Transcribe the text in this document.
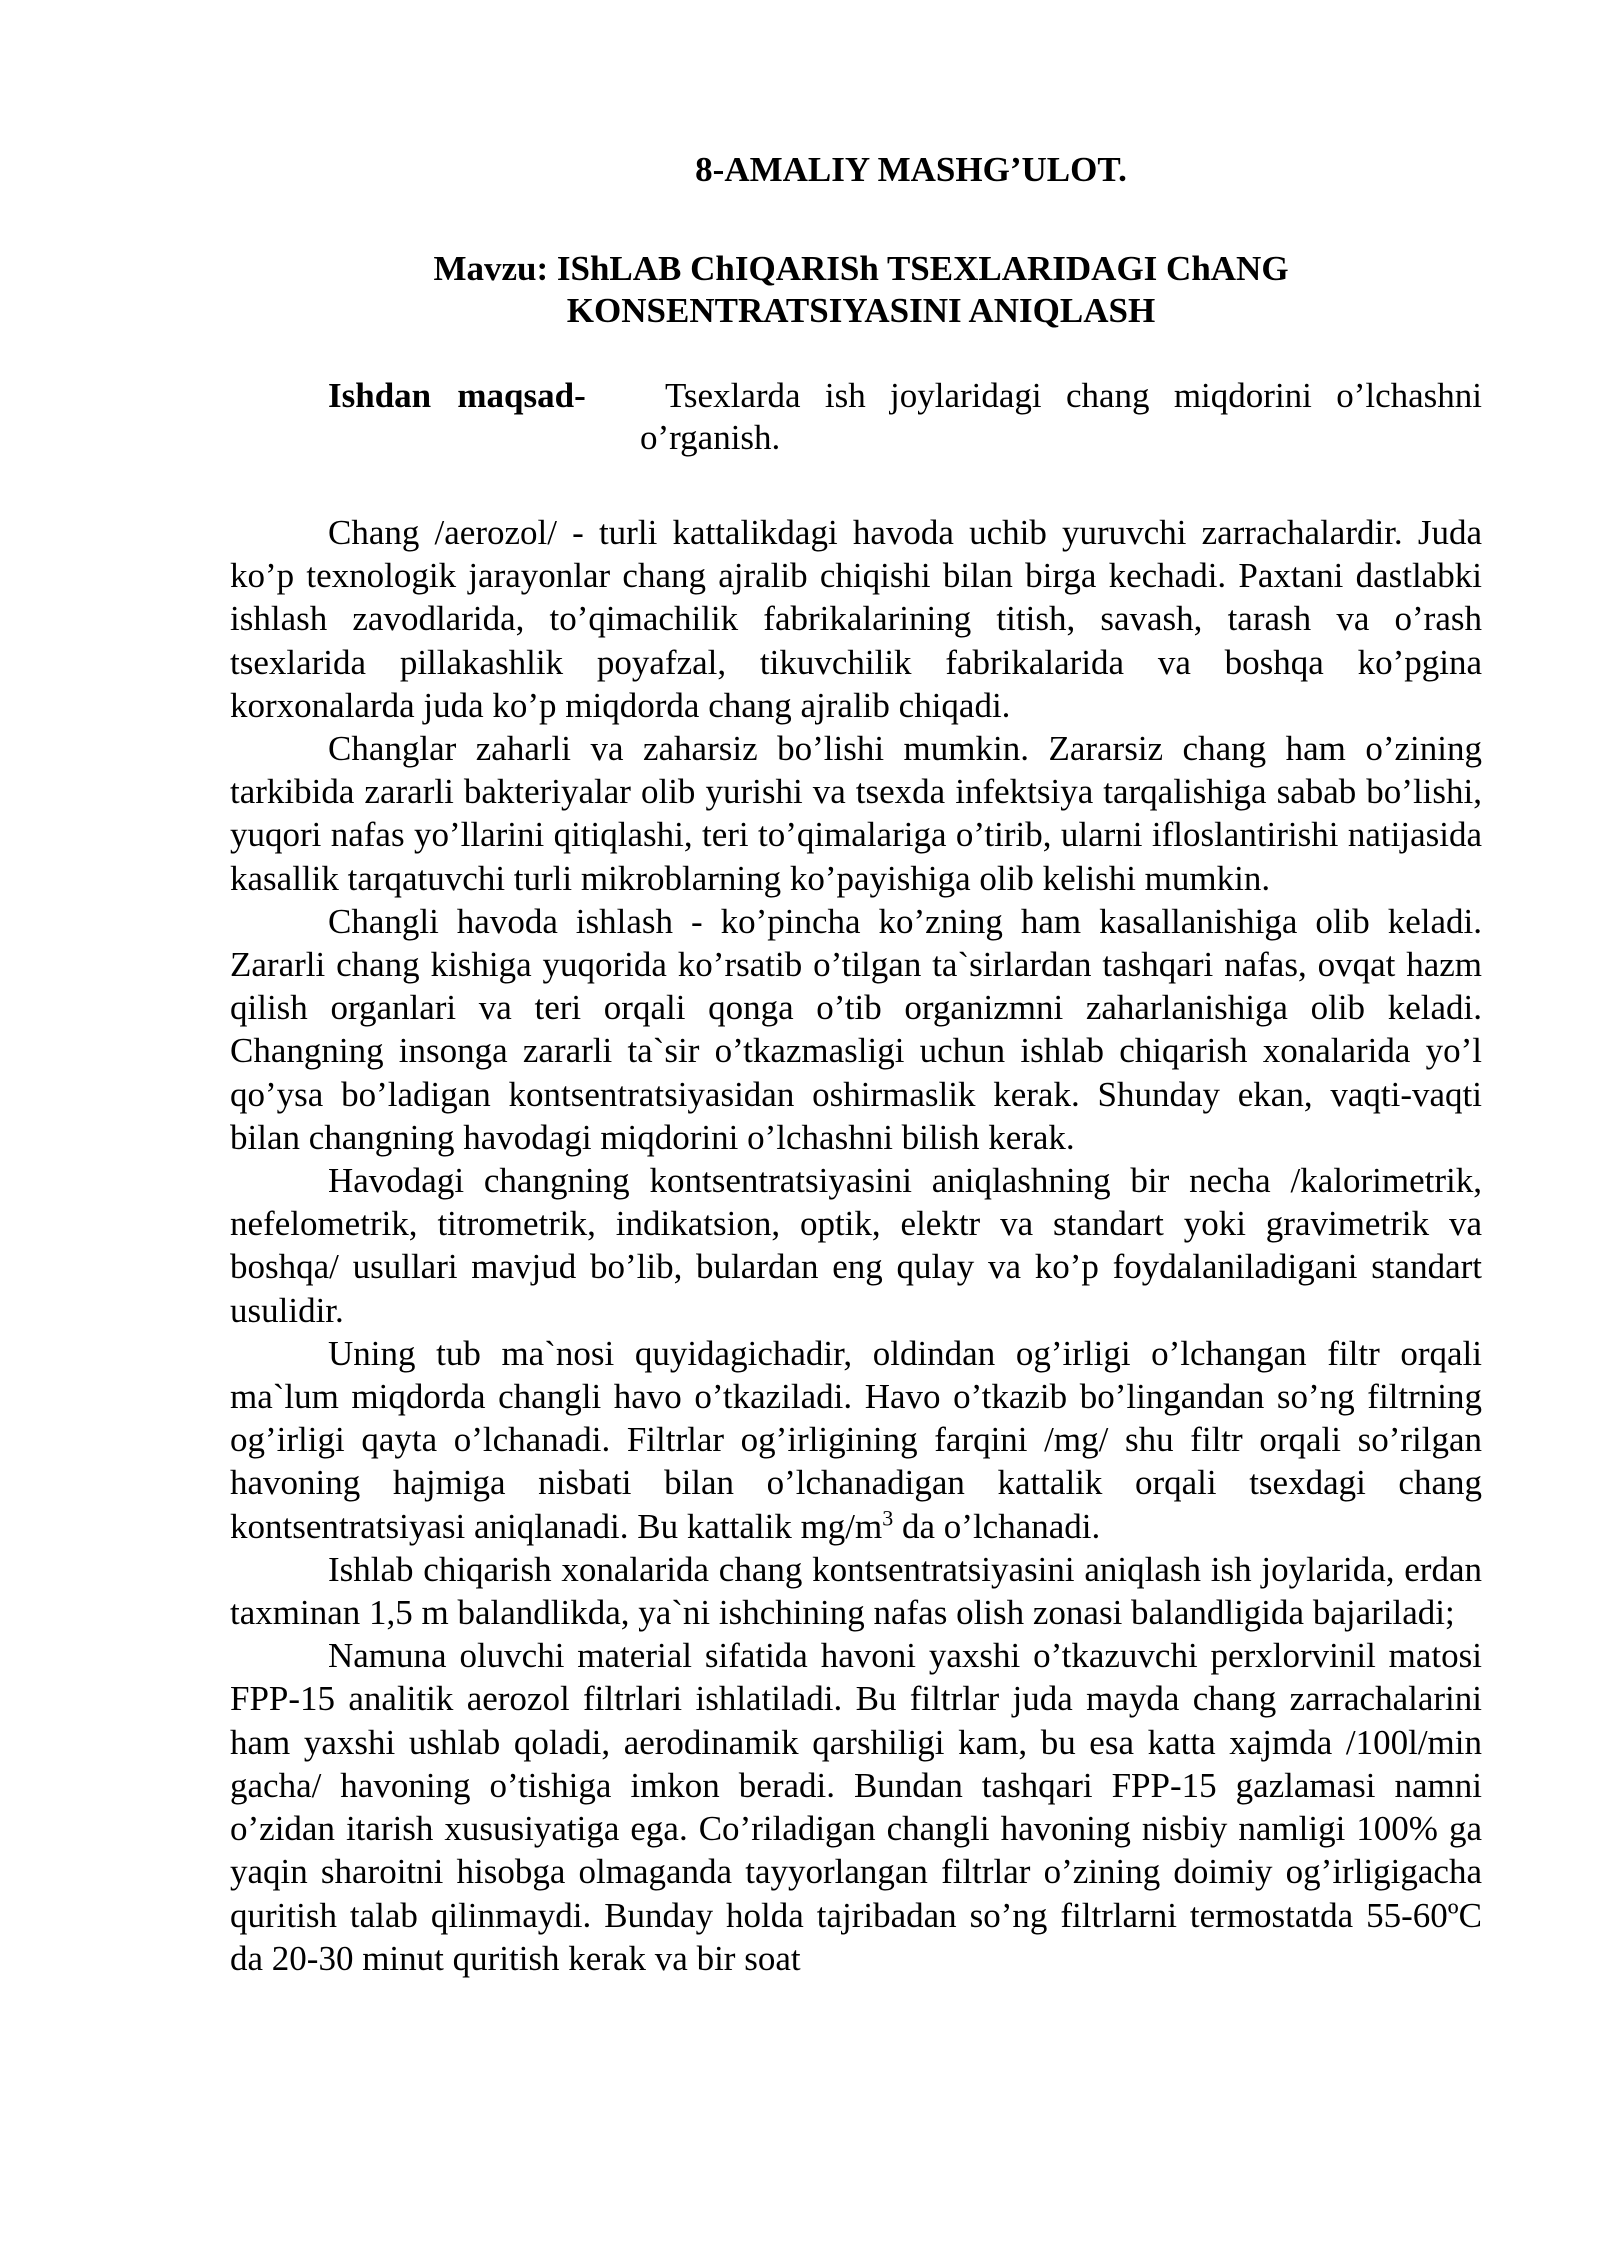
8-AMALIY MASHG’ULOT.
Mavzu: IShLAB ChIQARISh TSEXLARIDAGI ChANG
KONSENTRATSIYASINI ANIQLASH
Ishdan   maqsad-	Tsexlarda ish joylaridagi chang miqdorini o’lchashni o’rganish.

Chang /aerozol/ - turli kattalikdagi havoda uchib yuruvchi zarrachalardir. Juda ko’p texnologik jarayonlar chang ajralib chiqishi bilan birga kechadi. Paxtani dastlabki ishlash zavodlarida, to’qimachilik fabrikalarining titish, savash, tarash va o’rash tsexlarida pillakashlik poyafzal, tikuvchilik fabrikalarida va boshqa ko’pgina korxonalarda juda ko’p miqdorda chang ajralib chiqadi.

Changlar zaharli va zaharsiz bo’lishi mumkin. Zararsiz chang ham o’zining tarkibida zararli bakteriyalar olib yurishi va tsexda infektsiya tarqalishiga sabab bo’lishi, yuqori nafas yo’llarini qitiqlashi, teri to’qimalariga o’tirib, ularni ifloslantirishi natijasida kasallik tarqatuvchi turli mikroblarning ko’payishiga olib kelishi mumkin.

Changli havoda ishlash - ko’pincha ko’zning ham kasallanishiga olib keladi. Zararli chang kishiga yuqorida ko’rsatib o’tilgan ta`sirlardan tashqari nafas, ovqat hazm qilish organlari va teri orqali qonga o’tib organizmni zaharlanishiga olib keladi. Changning insonga zararli ta`sir o’tkazmasligi uchun ishlab chiqarish xonalarida yo’l qo’ysa bo’ladigan kontsentratsiyasidan oshirmaslik kerak. Shunday ekan, vaqti-vaqti bilan changning havodagi miqdorini o’lchashni bilish kerak.

Havodagi changning kontsentratsiyasini aniqlashning bir necha /kalorimetrik, nefelometrik, titrometrik, indikatsion, optik, elektr va standart yoki gravimetrik va boshqa/ usullari mavjud bo’lib, bulardan eng qulay va ko’p foydalaniladigani standart usulidir.

Uning tub ma`nosi quyidagichadir, oldindan og’irligi o’lchangan filtr orqali ma`lum miqdorda changli havo o’tkaziladi. Havo o’tkazib bo’lingandan so’ng filtrning og’irligi qayta o’lchanadi. Filtrlar og’irligining farqini /mg/ shu filtr orqali so’rilgan havoning hajmiga nisbati bilan o’lchanadigan kattalik orqali tsexdagi chang kontsentratsiyasi aniqlanadi. Bu kattalik $mg/m^3$ da o’lchanadi.

Ishlab chiqarish xonalarida chang kontsentratsiyasini aniqlash ish joylarida, erdan taxminan 1,5 m balandlikda, ya`ni ishchining nafas olish zonasi balandligida bajariladi;

Namuna oluvchi material sifatida havoni yaxshi o’tkazuvchi perxlorvinil matosi FPP-15 analitik aerozol filtrlari ishlatiladi. Bu filtrlar juda mayda chang zarrachalarini ham yaxshi ushlab qoladi, aerodinamik qarshiligi kam, bu esa katta xajmda /100l/min gacha/ havoning o’tishiga imkon beradi. Bundan tashqari FPP-15 gazlamasi namni o’zidan itarish xususiyatiga ega. Co’riladigan changli havoning nisbiy namligi 100% ga yaqin sharoitni hisobga olmaganda tayyorlangan filtrlar o’zining doimiy og’irligigacha quritish talab qilinmaydi. Bunday holda tajribadan so’ng filtrlarni termostatda 55-60ºC da 20-30 minut quritish kerak va bir soat
